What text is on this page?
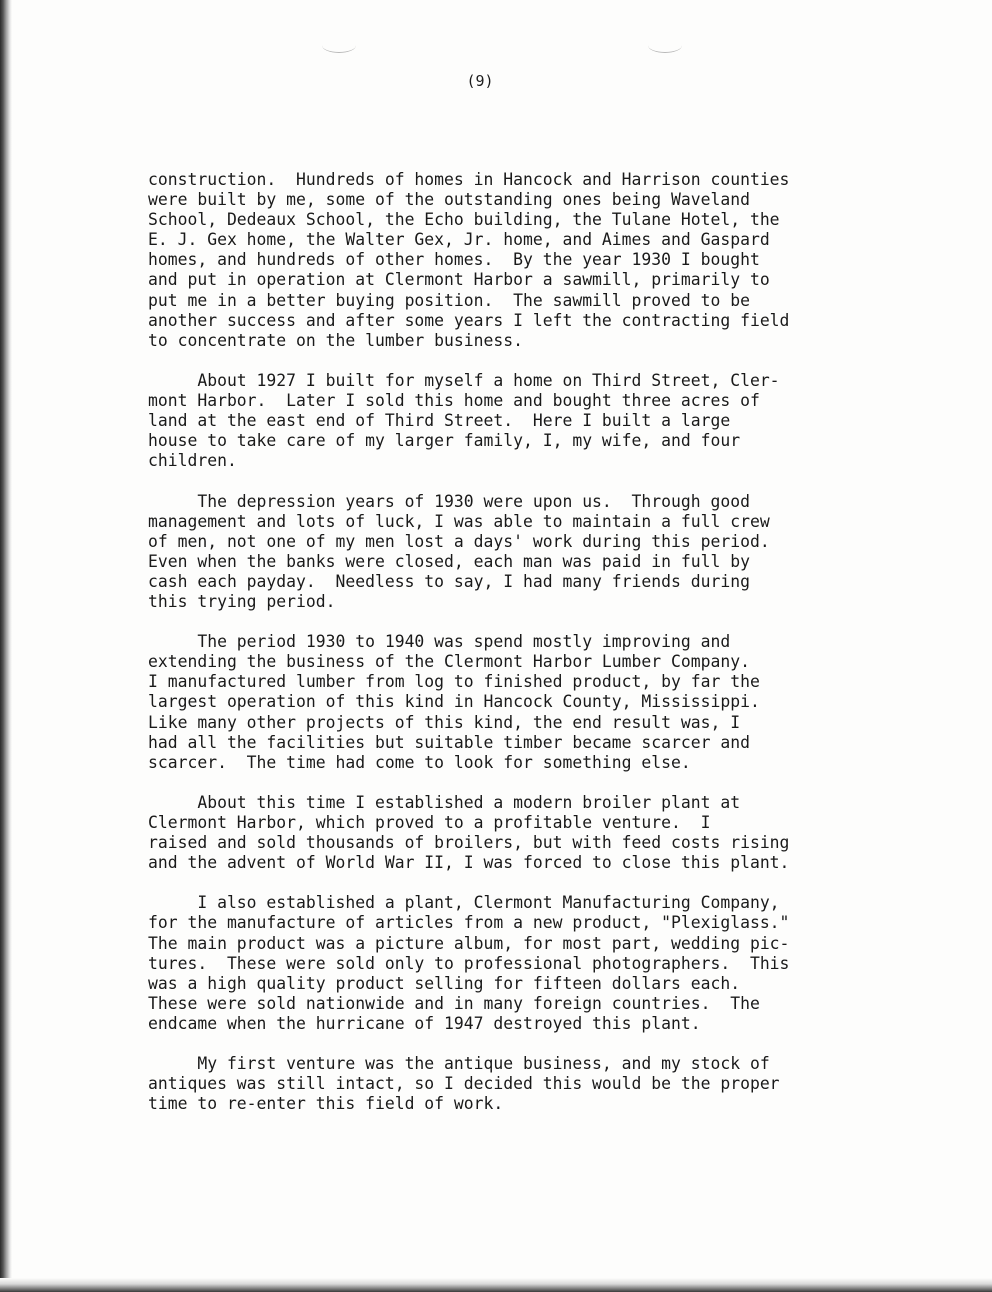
(9)

construction.  Hundreds of homes in Hancock and Harrison counties
were built by me, some of the outstanding ones being Waveland
School, Dedeaux School, the Echo building, the Tulane Hotel, the
E. J. Gex home, the Walter Gex, Jr. home, and Aimes and Gaspard
homes, and hundreds of other homes.  By the year 1930 I bought
and put in operation at Clermont Harbor a sawmill, primarily to
put me in a better buying position.  The sawmill proved to be
another success and after some years I left the contracting field
to concentrate on the lumber business.

About 1927 I built for myself a home on Third Street, Cler-
mont Harbor.  Later I sold this home and bought three acres of
land at the east end of Third Street.  Here I built a large
house to take care of my larger family, I, my wife, and four
children.

The depression years of 1930 were upon us.  Through good
management and lots of luck, I was able to maintain a full crew
of men, not one of my men lost a days' work during this period.
Even when the banks were closed, each man was paid in full by
cash each payday.  Needless to say, I had many friends during
this trying period.

The period 1930 to 1940 was spend mostly improving and
extending the business of the Clermont Harbor Lumber Company.
I manufactured lumber from log to finished product, by far the
largest operation of this kind in Hancock County, Mississippi.
Like many other projects of this kind, the end result was, I
had all the facilities but suitable timber became scarcer and
scarcer.  The time had come to look for something else.

About this time I established a modern broiler plant at
Clermont Harbor, which proved to a profitable venture.  I
raised and sold thousands of broilers, but with feed costs rising
and the advent of World War II, I was forced to close this plant.

I also established a plant, Clermont Manufacturing Company,
for the manufacture of articles from a new product, "Plexiglass."
The main product was a picture album, for most part, wedding pic-
tures.  These were sold only to professional photographers.  This
was a high quality product selling for fifteen dollars each.
These were sold nationwide and in many foreign countries.  The
endcame when the hurricane of 1947 destroyed this plant.

My first venture was the antique business, and my stock of
antiques was still intact, so I decided this would be the proper
time to re-enter this field of work.
